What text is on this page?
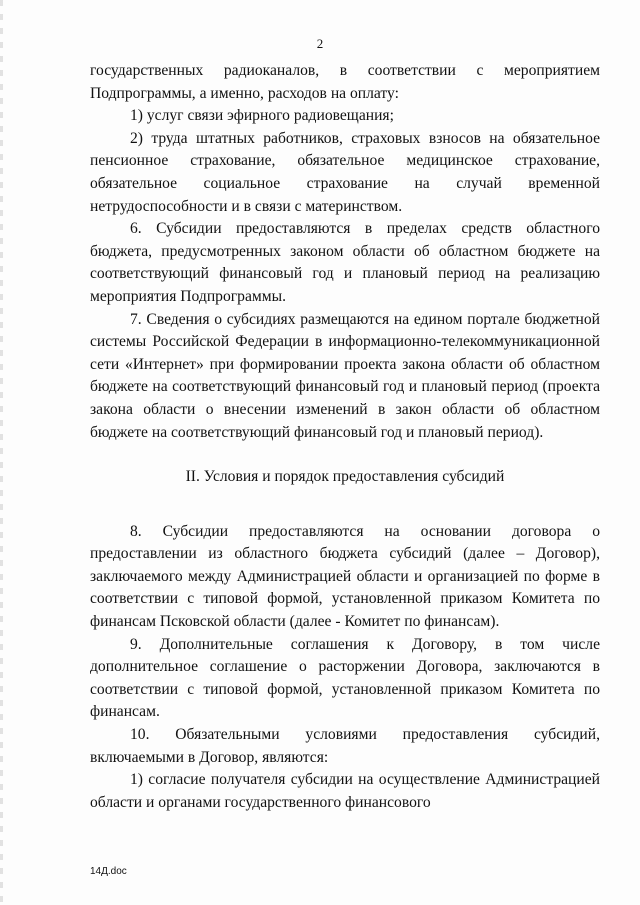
2

государственных радиоканалов, в соответствии с мероприятием Подпрограммы, а именно, расходов на оплату:

1) услуг связи эфирного радиовещания;

2) труда штатных работников, страховых взносов на обязательное пенсионное страхование, обязательное медицинское страхование, обязательное социальное страхование на случай временной нетрудоспособности и в связи с материнством.

6. Субсидии предоставляются в пределах средств областного бюджета, предусмотренных законом области об областном бюджете на соответствующий финансовый год и плановый период на реализацию мероприятия Подпрограммы.

7. Сведения о субсидиях размещаются на едином портале бюджетной системы Российской Федерации в информационно-телекоммуникационной сети «Интернет» при формировании проекта закона области об областном бюджете на соответствующий финансовый год и плановый период (проекта закона области о внесении изменений в закон области об областном бюджете на соответствующий финансовый год и плановый период).

II. Условия и порядок предоставления субсидий

8. Субсидии предоставляются на основании договора о предоставлении из областного бюджета субсидий (далее – Договор), заключаемого между Администрацией области и организацией по форме в соответствии с типовой формой, установленной приказом Комитета по финансам Псковской области (далее - Комитет по финансам).

9. Дополнительные соглашения к Договору, в том числе дополнительное соглашение о расторжении Договора, заключаются в соответствии с типовой формой, установленной приказом Комитета по финансам.

10. Обязательными условиями предоставления субсидий, включаемыми в Договор, являются:

1) согласие получателя субсидии на осуществление Администрацией области и органами государственного финансового

14Д.doc
